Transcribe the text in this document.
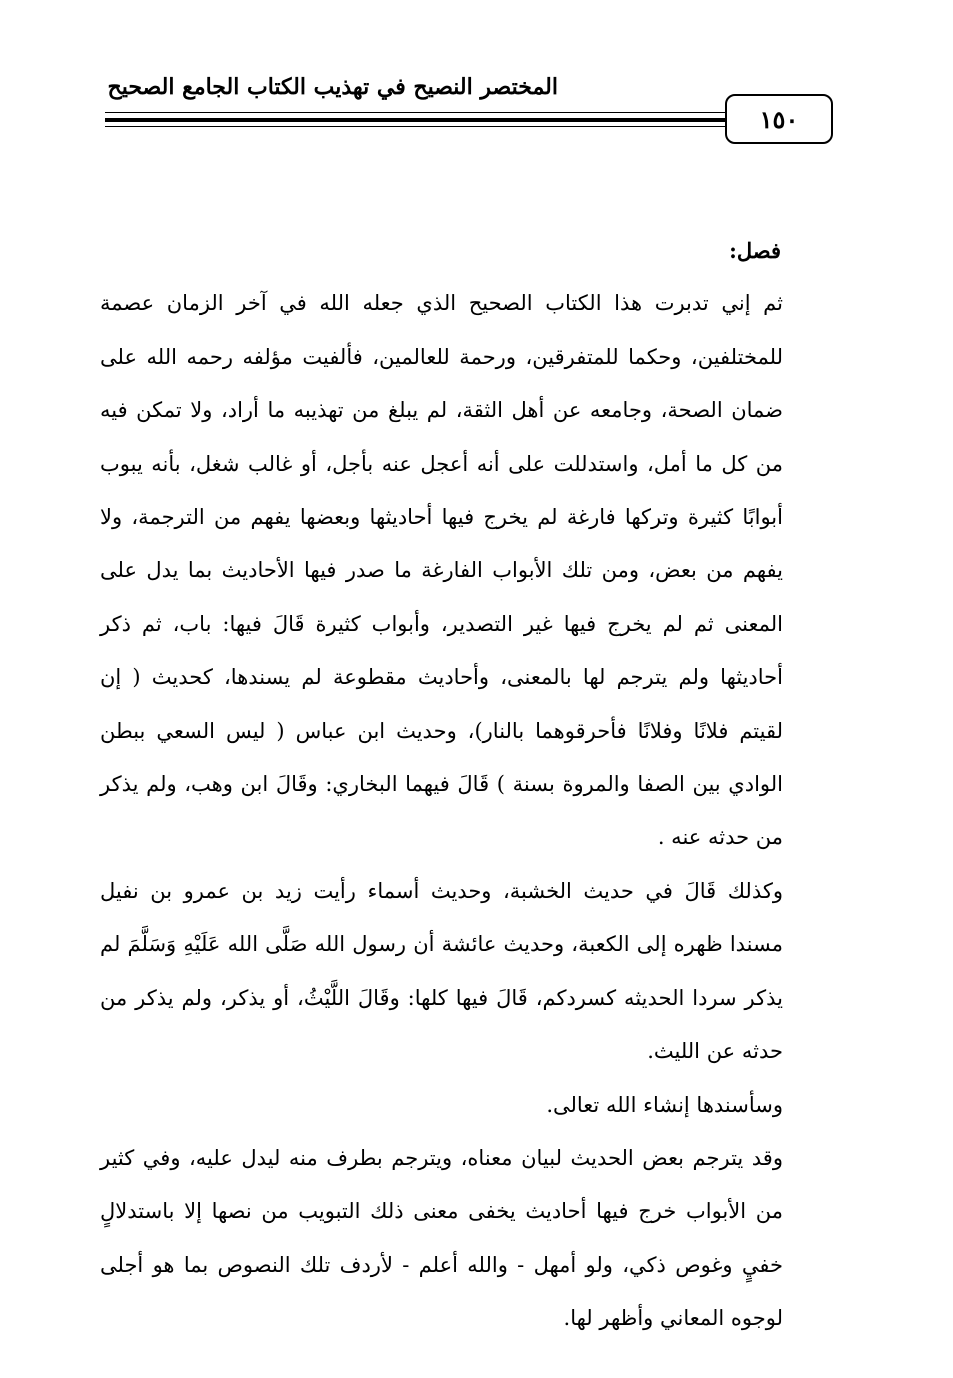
المختصر النصيح في تهذيب الكتاب الجامع الصحيح
١٥٠

فصل:

ثم إني تدبرت هذا الكتاب الصحيح الذي جعله الله في آخر الزمان عصمة للمختلفين، وحكما للمتفرقين، ورحمة للعالمين، فألفيت مؤلفه رحمه الله على ضمان الصحة، وجامعه عن أهل الثقة، لم يبلغ من تهذيبه ما أراد، ولا تمكن فيه من كل ما أمل، واستدللت على أنه أعجل عنه بأجل، أو غالب شغل، بأنه يبوب أبوابًا كثيرة وتركها فارغة لم يخرج فيها أحاديثها وبعضها يفهم من الترجمة، ولا يفهم من بعض، ومن تلك الأبواب الفارغة ما صدر فيها الأحاديث بما يدل على المعنى ثم لم يخرج فيها غير التصدير، وأبواب كثيرة قَالَ فيها: باب، ثم ذكر أحاديثها ولم يترجم لها بالمعنى، وأحاديث مقطوعة لم يسندها، كحديث ( إن لقيتم فلانًا وفلانًا فأحرقوهما بالنار)، وحديث ابن عباس ( ليس السعي ببطن الوادي بين الصفا والمروة بسنة ) قَالَ فيهما البخاري: وقَالَ ابن وهب، ولم يذكر من حدثه عنه .

وكذلك قَالَ في حديث الخشبة، وحديث أسماء رأيت زيد بن عمرو بن نفيل مسندا ظهره إلى الكعبة، وحديث عائشة أن رسول الله صَلَّى الله عَلَيْهِ وَسَلَّمَ لم يذكر سردا الحديثه كسردكم، قَالَ فيها كلها: وقَالَ اللَّيْثُ، أو يذكر، ولم يذكر من حدثه عن الليث.

وسأسندها إنشاء الله تعالى.

وقد يترجم بعض الحديث لبيان معناه، ويترجم بطرف منه ليدل عليه، وفي كثير من الأبواب خرج فيها أحاديث يخفى معنى ذلك التبويب من نصها إلا باستدلالٍ خفيٍ وغوص ذكي، ولو أمهل - والله أعلم - لأردف تلك النصوص بما هو أجلى لوجوه المعاني وأظهر لها.
